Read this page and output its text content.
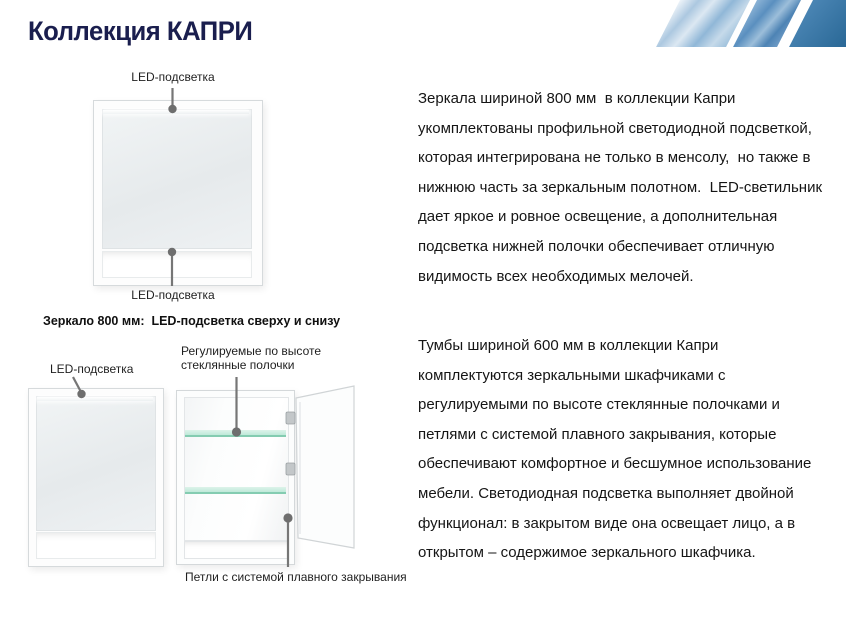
Коллекция КАПРИ
LED-подсветка
LED-подсветка
Зеркало 800 мм:  LED-подсветка сверху и снизу
LED-подсветка
Регулируемые по высоте
стеклянные полочки
Петли с системой плавного закрывания
Зеркала шириной 800 мм  в коллекции Капри
укомплектованы профильной светодиодной подсветкой,
которая интегрирована не только в менсолу,  но также в
нижнюю часть за зеркальным полотном.  LED-светильник
дает яркое и ровное освещение, а дополнительная
подсветка нижней полочки обеспечивает отличную
видимость всех необходимых мелочей.
Тумбы шириной 600 мм в коллекции Капри
комплектуются зеркальными шкафчиками с
регулируемыми по высоте стеклянные полочками и
петлями с системой плавного закрывания, которые
обеспечивают комфортное и бесшумное использование
мебели. Светодиодная подсветка выполняет двойной
функционал: в закрытом виде она освещает лицо, а в
открытом – содержимое зеркального шкафчика.
